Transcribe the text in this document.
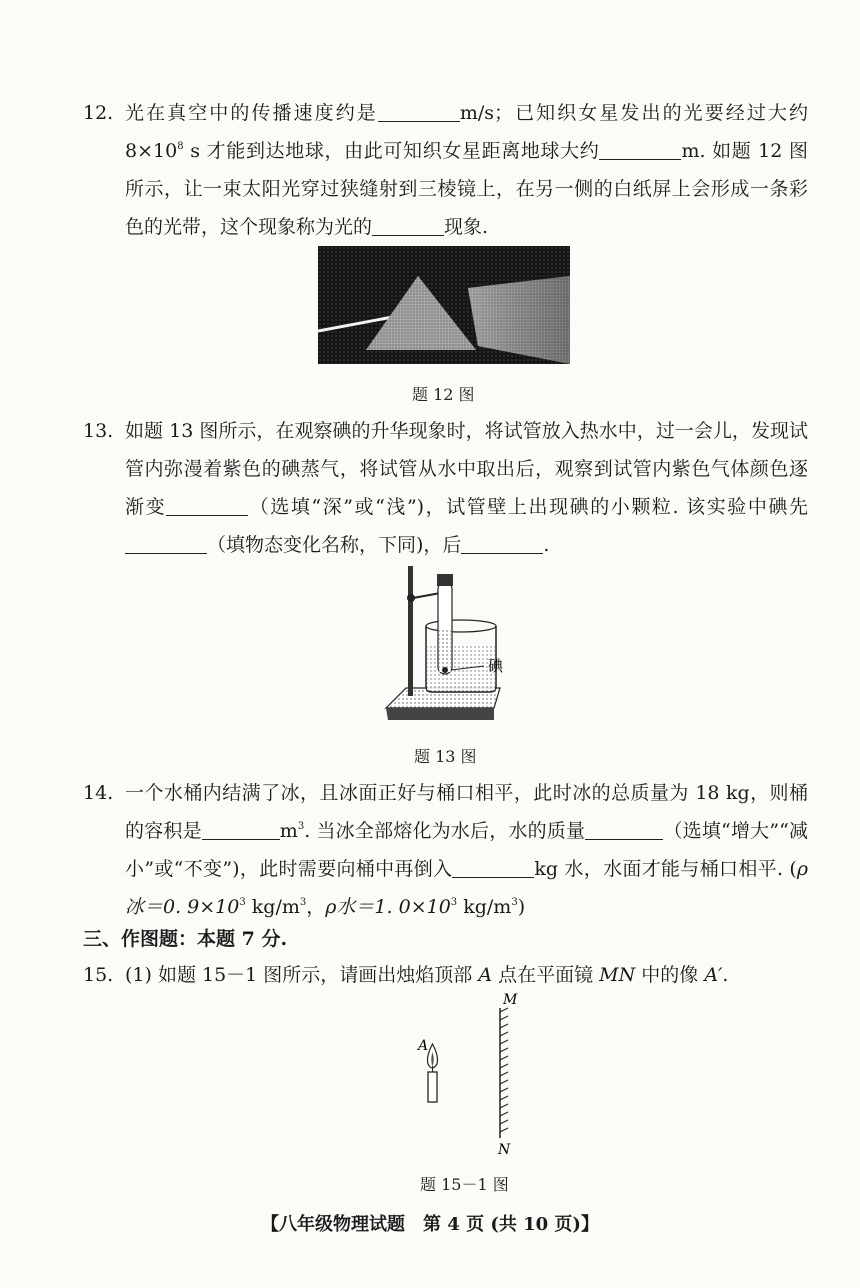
12. 光在真空中的传播速度约是	m/s；已知织女星发出的光要经过大约 $8\times 10^8$ s 才能到达地球，由此可知织女星距离地球大约	m. 如题 12 图所示，让一束太阳光穿过狭缝射到三棱镜上，在另一侧的白纸屏上会形成一条彩色的光带，这个现象称为光的	现象.
题 12 图
13. 如题 13 图所示，在观察碘的升华现象时，将试管放入热水中，过一会儿，发现试管内弥漫着紫色的碘蒸气，将试管从水中取出后，观察到试管内紫色气体颜色逐渐变	（选填“深”或“浅”)，试管壁上出现碘的小颗粒. 该实验中碘先（填物态变化名称，下同)，后	.
碘
题 13 图
14. 一个水桶内结满了冰，且冰面正好与桶口相平，此时冰的总质量为 18 kg，则桶的容积是	$m^3$. 当冰全部熔化为水后，水的质量	（选填“增大”“减小”或“不变”)，此时需要向桶中再倒入	kg 水，水面才能与桶口相平. (ρ冰＝0. $9\times 10^3$ $kg/m^3$，ρ水＝1. $0\times 10^3$ $kg/m^3$)
三、作图题：本题 7 分.
15. (1) 如题 15－1 图所示，请画出烛焰顶部 A 点在平面镜 MN 中的像 A′.
M
N
A
题 15－1 图
【八年级物理试题　第 4 页 (共 10 页)】
